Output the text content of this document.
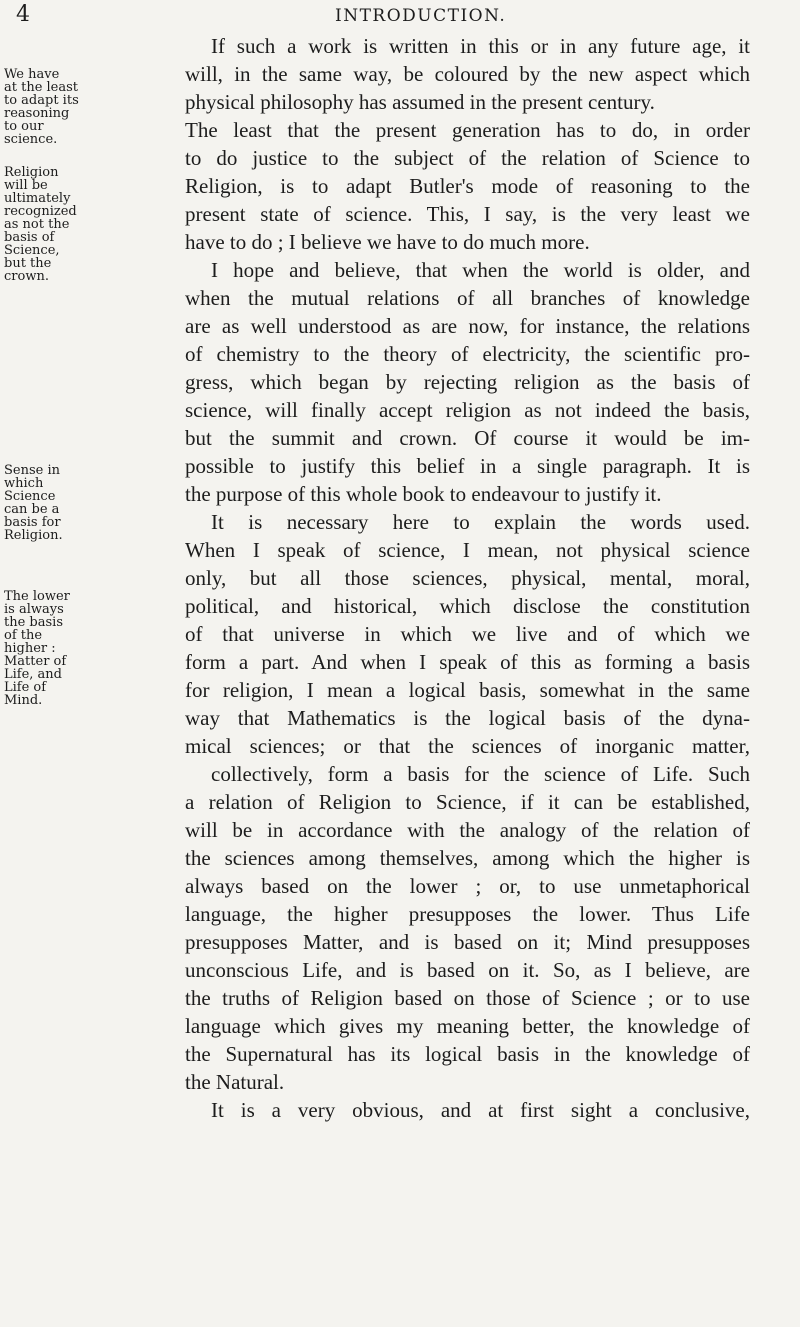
4	INTRODUCTION.
We have
at the least
to adapt its
reasoning
to our
science.
Religion
will be
ultimately
recognized
as not the
basis of
Science,
but the
crown.
Sense in
which
Science
can be a
basis for
Religion.
The lower
is always
the basis
of the
higher :
Matter of
Life, and
Life of
Mind.
If such a work is written in this or in any future age, it
will, in the same way, be coloured by the new aspect which
physical philosophy has assumed in the present century.
The least that the present generation has to do, in order
to do justice to the subject of the relation of Science to
Religion, is to adapt Butler's mode of reasoning to the
present state of science. This, I say, is the very least we
have to do ; I believe we have to do much more.
I hope and believe, that when the world is older, and
when the mutual relations of all branches of knowledge
are as well understood as are now, for instance, the relations
of chemistry to the theory of electricity, the scientific pro-
gress, which began by rejecting religion as the basis of
science, will finally accept religion as not indeed the basis,
but the summit and crown. Of course it would be im-
possible to justify this belief in a single paragraph. It is
the purpose of this whole book to endeavour to justify it.
It is necessary here to explain the words used.
When I speak of science, I mean, not physical science
only, but all those sciences, physical, mental, moral,
political, and historical, which disclose the constitution
of that universe in which we live and of which we
form a part. And when I speak of this as forming a basis
for religion, I mean a logical basis, somewhat in the same
way that Mathematics is the logical basis of the dyna-
mical sciences; or that the sciences of inorganic matter,
collectively, form a basis for the science of Life. Such
a relation of Religion to Science, if it can be established,
will be in accordance with the analogy of the relation of
the sciences among themselves, among which the higher is
always based on the lower ; or, to use unmetaphorical
language, the higher presupposes the lower. Thus Life
presupposes Matter, and is based on it; Mind presupposes
unconscious Life, and is based on it. So, as I believe, are
the truths of Religion based on those of Science ; or to use
language which gives my meaning better, the knowledge of
the Supernatural has its logical basis in the knowledge of
the Natural.
It is a very obvious, and at first sight a conclusive,
